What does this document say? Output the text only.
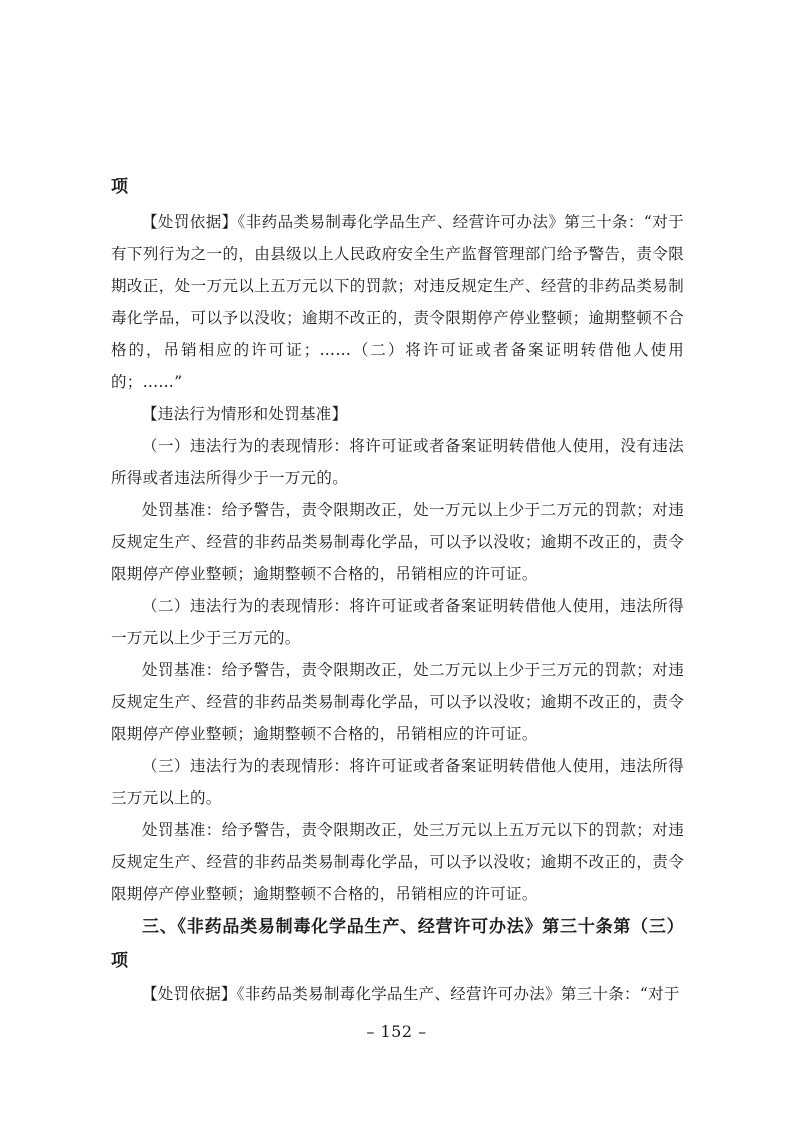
项

【处罚依据】《非药品类易制毒化学品生产、经营许可办法》第三十条：“对于有下列行为之一的，由县级以上人民政府安全生产监督管理部门给予警告，责令限期改正，处一万元以上五万元以下的罚款；对违反规定生产、经营的非药品类易制毒化学品，可以予以没收；逾期不改正的，责令限期停产停业整顿；逾期整顿不合格的，吊销相应的许可证；……（二）将许可证或者备案证明转借他人使用的；……”

【违法行为情形和处罚基准】

（一）违法行为的表现情形：将许可证或者备案证明转借他人使用，没有违法所得或者违法所得少于一万元的。

处罚基准：给予警告，责令限期改正，处一万元以上少于二万元的罚款；对违反规定生产、经营的非药品类易制毒化学品，可以予以没收；逾期不改正的，责令限期停产停业整顿；逾期整顿不合格的，吊销相应的许可证。

（二）违法行为的表现情形：将许可证或者备案证明转借他人使用，违法所得一万元以上少于三万元的。

处罚基准：给予警告，责令限期改正，处二万元以上少于三万元的罚款；对违反规定生产、经营的非药品类易制毒化学品，可以予以没收；逾期不改正的，责令限期停产停业整顿；逾期整顿不合格的，吊销相应的许可证。

（三）违法行为的表现情形：将许可证或者备案证明转借他人使用，违法所得三万元以上的。

处罚基准：给予警告，责令限期改正，处三万元以上五万元以下的罚款；对违反规定生产、经营的非药品类易制毒化学品，可以予以没收；逾期不改正的，责令限期停产停业整顿；逾期整顿不合格的，吊销相应的许可证。

三、《非药品类易制毒化学品生产、经营许可办法》第三十条第（三）项

【处罚依据】《非药品类易制毒化学品生产、经营许可办法》第三十条：“对于

– 152 –
